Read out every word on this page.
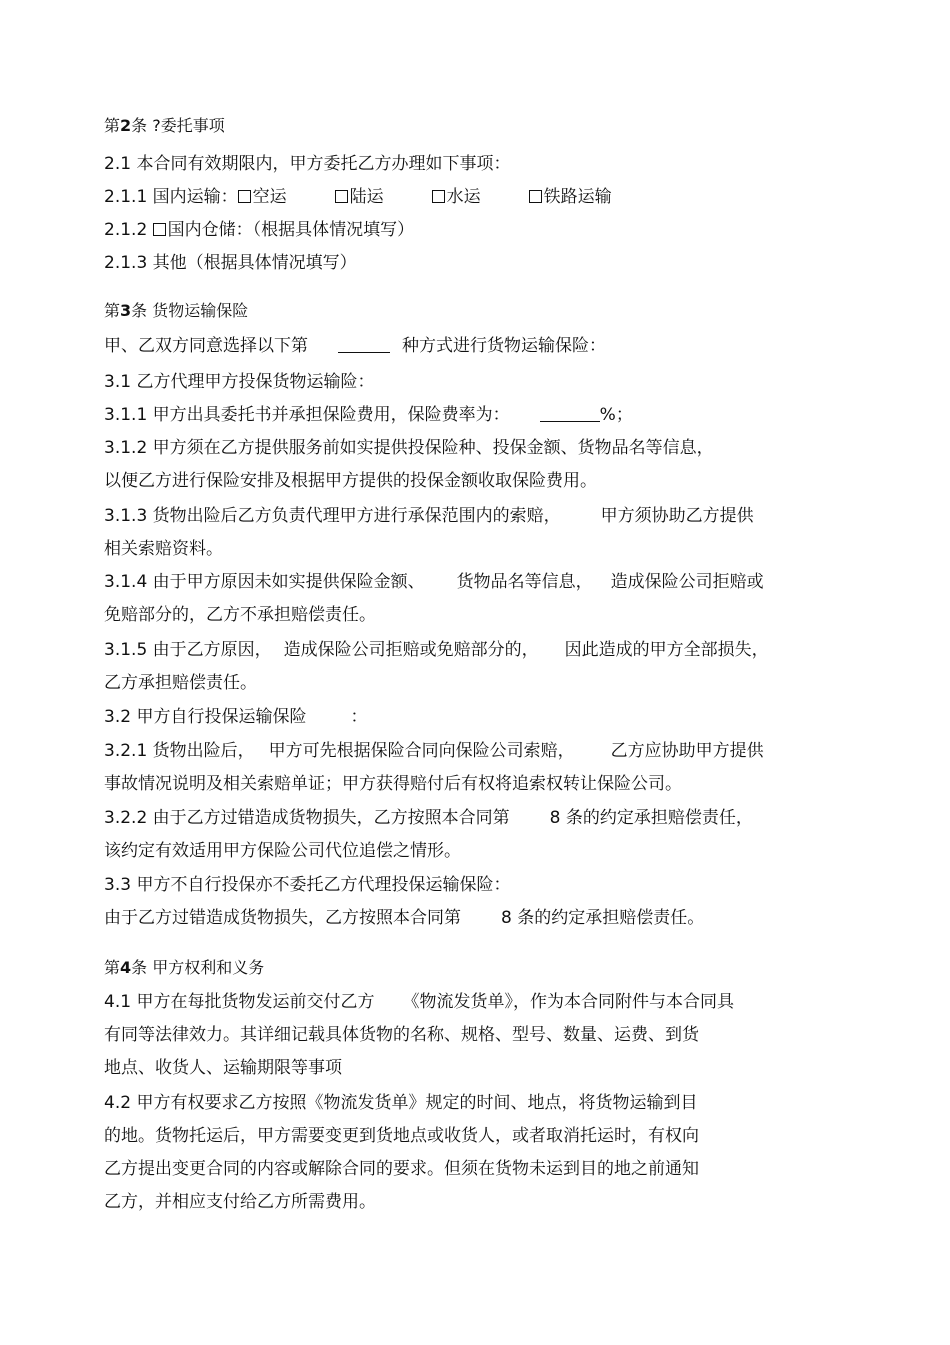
第2条 ?委托事项
2.1 本合同有效期限内，甲方委托乙方办理如下事项：
2.1.1 国内运输： 空运	陆运	水运	铁路运输
2.1.2 国内仓储：（根据具体情况填写）
2.1.3 其他（根据具体情况填写）
第3条 货物运输保险
甲、乙双方同意选择以下第	种方式进行货物运输保险：
3.1 乙方代理甲方投保货物运输险：
3.1.1 甲方出具委托书并承担保险费用，保险费率为：	%；
3.1.2 甲方须在乙方提供服务前如实提供投保险种、投保金额、货物品名等信息，
以便乙方进行保险安排及根据甲方提供的投保金额收取保险费用。
3.1.3 货物出险后乙方负责代理甲方进行承保范围内的索赔， 甲方须协助乙方提供
相关索赔资料。
3.1.4 由于甲方原因未如实提供保险金额、 货物品名等信息， 造成保险公司拒赔或
免赔部分的，乙方不承担赔偿责任。
3.1.5 由于乙方原因， 造成保险公司拒赔或免赔部分的， 因此造成的甲方全部损失，
乙方承担赔偿责任。
3.2 甲方自行投保运输保险	：
3.2.1 货物出险后， 甲方可先根据保险合同向保险公司索赔， 乙方应协助甲方提供
事故情况说明及相关索赔单证；甲方获得赔付后有权将追索权转让保险公司。
3.2.2 由于乙方过错造成货物损失，乙方按照本合同第 8 条的约定承担赔偿责任，
该约定有效适用甲方保险公司代位追偿之情形。
3.3 甲方不自行投保亦不委托乙方代理投保运输保险：
由于乙方过错造成货物损失，乙方按照本合同第 8 条的约定承担赔偿责任。
第4条 甲方权利和义务
4.1 甲方在每批货物发运前交付乙方 《物流发货单》，作为本合同附件与本合同具
有同等法律效力。其详细记载具体货物的名称、规格、型号、数量、运费、到货
地点、收货人、运输期限等事项
4.2 甲方有权要求乙方按照《物流发货单》规定的时间、地点，将货物运输到目
的地。货物托运后，甲方需要变更到货地点或收货人，或者取消托运时，有权向
乙方提出变更合同的内容或解除合同的要求。但须在货物未运到目的地之前通知
乙方，并相应支付给乙方所需费用。
